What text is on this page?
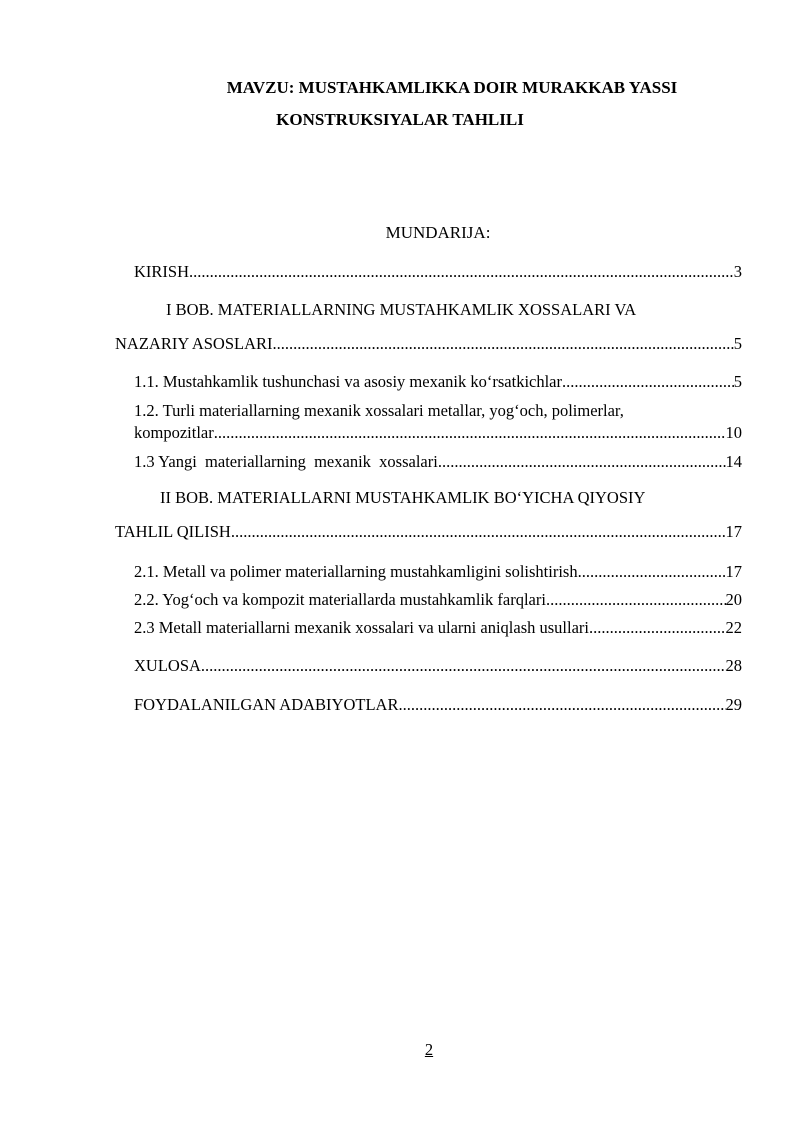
MAVZU: MUSTAHKAMLIKKA DOIR MURAKKAB YASSI
KONSTRUKSIYALAR TAHLILI
MUNDARIJA:
KIRISH .....	3
I BOB. MATERIALLARNING MUSTAHKAMLIK XOSSALARI VA
NAZARIY ASOSLARI .....	5
1.1. Mustahkamlik tushunchasi va asosiy mexanik ko‘rsatkichlar .....	5
1.2. Turli materiallarning mexanik xossalari metallar, yog‘och, polimerlar,
kompozitlar .....	10
1.3 Yangi  materiallarning  mexanik  xossalari .....	14
II BOB. MATERIALLARNI MUSTAHKAMLIK BO‘YICHA QIYOSIY
TAHLIL QILISH .....	17
2.1. Metall va polimer materiallarning mustahkamligini solishtirish .....	17
2.2. Yog‘och va kompozit materiallarda mustahkamlik farqlari .....	20
2.3 Metall materiallarni mexanik xossalari va ularni aniqlash usullari .....	22
XULOSA .....	28
FOYDALANILGAN ADABIYOTLAR .....	29
2
